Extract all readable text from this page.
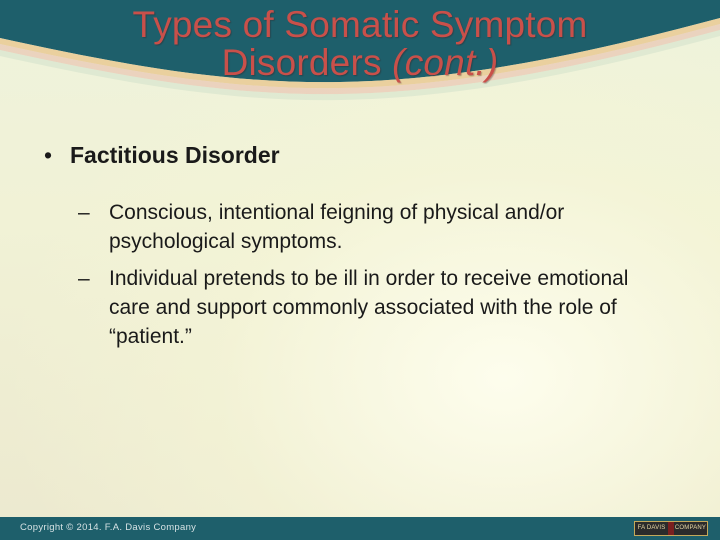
Types of Somatic Symptom
Disorders (cont.)
• Factitious Disorder
– Conscious, intentional feigning of physical and/or psychological symptoms.
– Individual pretends to be ill in order to receive emotional care and support commonly associated with the role of “patient.”
Copyright © 2014. F.A. Davis Company	FA DAVIS	COMPANY
